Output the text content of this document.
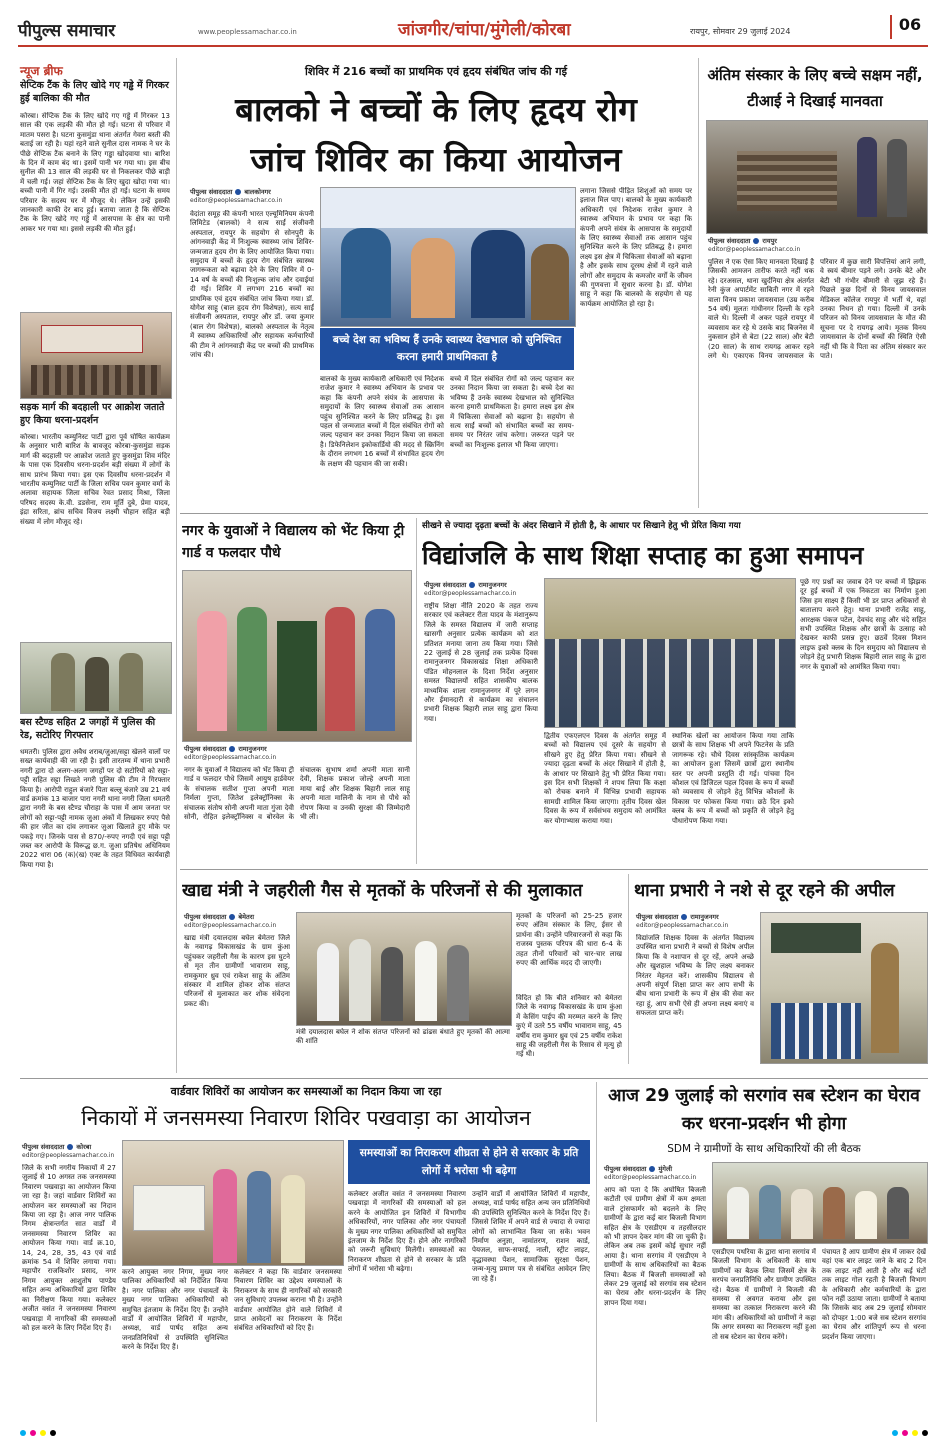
पीपुल्स समाचार	www.peoplessamachar.co.in	जांजगीर/चांपा/मुंगेली/कोरबा	रायपुर, सोमवार 29 जुलाई 2024	06
न्यूज ब्रीफ
सेप्टिक टैंक के लिए खोदे गए गड्ढे में गिरकर हुई बालिका की मौत
कोरबा। सेप्टिक टैंक के लिए खोदे गए गड्ढे में गिरकर 13 साल की एक लड़की की मौत हो गई। घटना से परिवार में मातम पसरा है। घटना कुसमुंडा थाना अंतर्गत गेवरा बस्ती की बताई जा रही है। यहां रहने वाले सुनील दास नामक ने घर के पीछे सेप्टिक टैंक बनाने के लिए गड्ढा खोदवाया था। बारिश के दिन में काम बंद था। इसमें पानी भर गया था। इस बीच सुनील की 13 साल की लड़की घर से निकलकर पीछे बाड़ी में चली गई। जहां सेप्टिक टैंक के लिए खुदा खोदा गया था। बच्ची पानी में गिर गई। उसकी मौत हो गई। घटना के समय परिवार के सदस्य घर में मौजूद थे। लेकिन उन्हें इसकी जानकारी काफी देर बाद हुई। बताया जाता है कि सेप्टिक टैंक के लिए खोदे गए गड्ढे में आसपास के क्षेत्र का पानी आकर भर गया था। इससे लड़की की मौत हुई।
सड़क मार्ग की बदहाली पर आक्रोश जताते हुए किया धरना-प्रदर्शन
कोरबा। भारतीय कम्युनिस्ट पार्टी द्वारा पूर्व घोषित कार्यक्रम के अनुसार भारी बारिश के बावजूद कोरबा-कुसमुंडा सड़क मार्ग की बदहाली पर आक्रोश जताते हुए कुसमुंडा शिव मंदिर के पास एक दिवसीय धरना-प्रदर्शन बड़ी संख्या में लोगों के साथ प्रारंभ किया गया। इस एक दिवसीय धरना-प्रदर्शन में भारतीय कम्युनिस्ट पार्टी के जिला सचिव पवन कुमार वर्मा के अलावा सहायक जिला सचिव रेवत प्रसाद मिश्रा, जिला परिषद सदस्य के.वी. डडसेना, राम मूर्ति दुबे, प्रेमा यादव, इंद्रा सरिता, ब्रांच सचिव विजय लक्ष्मी चौहान सहित बड़ी संख्या में लोग मौजूद रहे।
बस स्टैण्ड सहित 2 जगहों में पुलिस की रेड, सटोरिए गिरफ्तार
धमतरी। पुलिस द्वारा अवैध शराब/जुआ/सट्टा खेलने वालों पर सख्त कार्यवाही की जा रही है। इसी तारतम्य में थाना प्रभारी नगरी द्वारा दो अलग-अलग जगहों पर दो सटोरियों को सट्टा-पट्टी सहित सट्टा लिखते नगरी पुलिस की टीम ने गिरफ्तार किया है। आरोपी राहुल बंजारे पिता बल्लू बंजारे उम्र 21 वर्ष वार्ड क्रमांक 13 बाजार पारा नगरी थाना नगरी जिला धमतरी द्वारा नगरी के बस स्टैण्ड चौराहा के पास में आम जनता पर लोगों को सट्टा-पट्टी नामक जुआ अंकों में लिखकर रुपए पैसे की हार जीत का दांव लगाकर जुआ खिलाते हुए मौके पर पकड़े गए। जिनके पास से 870/-रुपए नगदी एवं सट्टा पट्टी जब्त कर आरोपी के विरूद्ध छ.ग. जुआ प्रतिषेध अधिनियम 2022 धारा 06 (क)(ख) एक्ट के तहत विधिवत कार्यवाही किया गया है।
शिविर में 216 बच्चों का प्राथमिक एवं हृदय संबंधित जांच की गई
बालको ने बच्चों के लिए हृदय रोग
जांच शिविर का किया आयोजन
पीपुल्स संवाददाता बालकोनगर
editor@peoplessamachar.co.in
वेदांता समूह की कंपनी भारत एल्यूमिनियम कंपनी लिमिटेड (बालको) ने सत्य साईं संजीवनी अस्पताल, रायपुर के सहयोग से सोनपुरी के आंगनवाड़ी केंद्र में निःशुल्क स्वास्थ्य जांच शिविर-जन्मजात हृदय रोग के लिए आयोजित किया गया। समुदाय में बच्चों के हृदय रोग संबंधित स्वास्थ्य जागरूकता को बढ़ावा देने के लिए शिविर में 0-14 वर्ष के बच्चों की निःशुल्क जांच और दवाईयां दी गई। शिविर में लगभग 216 बच्चों का प्राथमिक एवं हृदय संबंधित जांच किया गया। डॉ. योगेश साहू (बाल हृदय रोग विशेषज्ञ), सत्य साईं संजीवनी अस्पताल, रायपुर और डॉ. जया कुमार (बाल रोग विशेषज्ञ), बालको अस्पताल के नेतृत्व में स्वास्थ्य अधिकारियों और सहायक कर्मचारियों की टीम ने आंगनवाड़ी केंद्र पर बच्चों की प्राथमिक जांच की।
बच्चे देश का भविष्य हैं उनके स्वास्थ्य देखभाल को सुनिश्चित करना हमारी प्राथमिकता है
बालको के मुख्य कार्यकारी अधिकारी एवं निदेशक राजेश कुमार ने स्वास्थ्य अभियान के प्रभाव पर कहा कि कंपनी अपने संयंत्र के आसपास के समुदायों के लिए स्वास्थ्य सेवाओं तक आसान पहुंच सुनिश्चित करने के लिए प्रतिबद्ध है। इस पहल से जन्मजात बच्चों में दिल संबंधित रोगों को जल्द पहचान कर उनका निदान किया जा सकता है। डिफेनिलेशन इकोकार्डियो की मदद से स्क्रिनिंग के दौरान लगभग 16 बच्चों में संभावित हृदय रोग के लक्षण की पहचान की जा सकी।
बच्चे में दिल संबंधित रोगों को जल्द पहचान कर उनका निदान किया जा सकता है। बच्चे देश का भविष्य हैं उनके स्वास्थ्य देखभाल को सुनिश्चित करना हमारी प्राथमिकता है। हमारा लक्ष्य इस क्षेत्र में चिकित्सा सेवाओं को बढ़ाना है। सहयोग से सत्य साईं बच्चों को संभावित बच्चों का समय-समय पर निरंतर जांच करेगा। जरूरत पड़ने पर बच्चों का निःशुल्क इलाज भी किया जाएगा।
लगाना जिससे पीड़ित शिशुओं को समय पर इलाज मिल पाए। बालको के मुख्य कार्यकारी अधिकारी एवं निदेशक राजेश कुमार ने स्वास्थ्य अभियान के प्रभाव पर कहा कि कंपनी अपने संयंत्र के आसपास के समुदायों के लिए स्वास्थ्य सेवाओं तक आसान पहुंच सुनिश्चित करने के लिए प्रतिबद्ध है। हमारा लक्ष्य इस क्षेत्र में चिकित्सा सेवाओं को बढ़ाना है और इसके साथ दूरस्थ क्षेत्रों में रहने वाले लोगों और समुदाय के कमजोर वर्गों के जीवन की गुणवत्ता में सुधार करना है। डॉ. योगेश साहू ने कहा कि बालको के सहयोग से यह कार्यक्रम आयोजित हो रहा है।
अंतिम संस्कार के लिए बच्चे सक्षम नहीं, टीआई ने दिखाई मानवता
पीपुल्स संवाददाता रायपुर
editor@peoplessamachar.co.in
पुलिस ने एक ऐसा किए मानवता दिखाई है जिसकी आमजन तारीफ करते नहीं थक रहे। दरअसल, थाना खुर्दनिया क्षेत्र अंतर्गत रेनी कुंज अपार्टमेंट साबिती नगर में रहने वाला विनय प्रकाश जायसवाल (उम्र करीब 54 वर्ष) मूलतः गांधीनगर दिल्ली के रहने वाले थे। दिल्ली में अकर पहले रायपुर में व्यवसाय कर रहे थे उसके बाद बिजनेस में नुकसान होने से बेटा (22 साल) और बेटी (20 साल) के साथ रायगढ़ आकर रहने लगे थे। एकाएक विनय जायसवाल के परिवार में कुछ सारी विपत्तियां आने लगी, वे स्वयं बीमार पड़ने लगे। उनके बेटे और बेटी भी गंभीर बीमारी से जूझ रहे हैं। पिछले कुछ दिनों से विनय जायसवाल मेडिकल कॉलेज रायपुर में भर्ती थे, वहां उनका निधन हो गया। दिल्ली में उनके परिजन को विनय जायसवाल के मौत की सूचना पर दे रायगढ़ आये। मृतक विनय जायसवाल के दोनों बच्चों की स्थिति ऐसी नहीं थी कि वे पिता का अंतिम संस्कार कर पाते।
नगर के युवाओं ने विद्यालय को भेंट किया ट्री गार्ड व फलदार पौधे
पीपुल्स संवाददाता रामानुजनगर
editor@peoplessamachar.co.in
नगर के युवाओं ने विद्यालय को भेंट किया ट्री गार्ड व फलदार पौधे जिसमें आयुष हार्डवेयर के संचालक सतीश गुप्ता अपनी माता निर्मला गुप्ता, जितेश इलेक्ट्रॉनिक्स के संचालक संतोष सोनी अपनी माता गुंजा देवी सोनी, रोहित इलेक्ट्रॉनिक्स व बोरवेल के संचालक सुभाष शर्मा अपनी माता सानी देवी, शिक्षक प्रकाश जोल्हे अपनी माता माया बाई और शिक्षक बिहारी लाल साहू अपनी माता मालिनी के नाम से पौधे को रोपण किया व उनकी सुरक्षा की जिम्मेदारी भी ली।
सीखने से ज्यादा दृढ़ता बच्चों के अंदर सिखाने में होती है, के आधार पर सिखाने हेतु भी प्रेरित किया गया
विद्यांजलि के साथ शिक्षा सप्ताह का हुआ समापन
पीपुल्स संवाददाता रामानुजनगर
editor@peoplessamachar.co.in
राष्ट्रीय शिक्षा नीति 2020 के तहत राज्य सरकार एवं कलेक्टर रीता यादव के मंशानुरूप जिले के समस्त विद्यालय में जारी सप्ताह खासगी अनुसार प्रत्येक कार्यक्रम को शत प्रतिशत मनाया जाना तय किया गया। जिसे 22 जुलाई से 28 जुलाई तक प्रत्येक दिवस रामानुजनगर विकासखंड शिक्षा अधिकारी पंडित मोहनलाल के दिशा निर्देश अनुसार समस्त विद्यालयों सहित शासकीय बालक माध्यमिक शाला रामानुजनगर में पूरे लगन और ईमानदारी से कार्यक्रम का संचालन प्रभारी शिक्षक बिहारी लाल साहू द्वारा किया गया।
द्वितीय एफएलएन दिवस के अंतर्गत समूह में बच्चों को विद्यालय एवं दूसरे के सहयोग से सीखने हुए हेतु प्रेरित किया गया। सीखने से ज्यादा दृढ़ता बच्चों के अंदर सिखाने में होती है, के आधार पर सिखाने हेतु भी प्रेरित किया गया। इस दिन सभी शिक्षकों ने शपथ लिया कि कक्षा को रोचक बनाने में विभिन्न प्रभावी सहायक सामग्री शामिल किया जाएगा। तृतीय दिवस खेल दिवस के रूप में सर्वसंभव समुदाय को आमंत्रित कर योगाभ्यास कराया गया।
स्थानिक खेलों का आयोजन किया गया ताकि छात्रों के साथ शिक्षक भी अपने फिटनेस के प्रति जागरूक रहे। चौथे दिवस सांस्कृतिक कार्यक्रम का आयोजन हुआ जिसमें छात्रों द्वारा स्थानीय स्तर पर अपनी प्रस्तुति दी गई। पांचवा दिन कौशल एवं डिजिटल पहल दिवस के रूप में बच्चों को व्यवसाय से जोड़ने हेतु विभिन्न कौशलों के विकास पर फोकस किया गया। छठे दिन इको क्लब के रूप में बच्चों को प्रकृति से जोड़ने हेतु पौधारोपण किया गया।
पूछे गए प्रश्नों का जवाब देने पर बच्चों में झिझक दूर हुई बच्चों में एक निकटता का निर्माण हुआ जिस हम साक्ष्य हैं किसी भी डर प्राप्त अधिकारों से बातालाप करने हेतु। थाना प्रभारी राजेंद्र साहू, आरक्षक पंकज पटेल, देवचंद साहू और चंदे सहित सभी उपस्थित शिक्षक और छात्रों के उत्साह को देखकर काफी प्रसन्न हुए। छठवें दिवस मिशन लाइफ इको क्लब के दिन समुदाय को विद्यालय से जोड़ने हेतु प्रभारी शिक्षक बिहारी लाल साहू के द्वारा नगर के युवाओं को आमंत्रित किया गया।
खाद्य मंत्री ने जहरीली गैस से मृतकों के परिजनों से की मुलाकात
पीपुल्स संवाददाता बेमेतरा
editor@peoplessamachar.co.in
खाद्य मंत्री दयालदास बघेल बेमेतरा जिले के नवागढ़ विकासखंड के ग्राम कुंआ पहुंचकर जहरीली गैस के कारण इस घुटने से मृत तीन ग्रामीणों भावाराम साहू, रामकुमार ध्रुव एवं राकेश साहू के अंतिम संस्कार में शामिल होकर शोक संतप्त परिजनों से मुलाकात कर शोक संवेदना प्रकट की।
मंत्री दयालदास बघेल ने शोक संतप्त परिजनों को ढांढस बंधाते हुए मृतकों की आत्मा की शांति
मृतकों के परिजनों को 25-25 हजार रुपए अंतिम संस्कार के लिए, ईसर से प्रार्थना की। उन्होंने परिवारजनों से कहा कि राजस्व पुस्तक परिपत्र की धारा 6-4 के तहत तीनों परिवारों को चार-चार लाख रुपए की आर्थिक मदद दी जाएगी।
विदित हो कि बीते शनिवार को बेमेतरा जिले के नवागढ़ विकासखंड के ग्राम कुंआ में केसिंग पाईप की मरम्मत करने के लिए कुएं में उतरे 55 वर्षीय भावाराम साहू, 45 वर्षीय राम कुमार ध्रुव एवं 25 वर्षीय राकेश साहू की जहरीली गैस के रिसाव से मृत्यु हो गई थी।
थाना प्रभारी ने नशे से दूर रहने की अपील
पीपुल्स संवाददाता रामानुजनगर
editor@peoplessamachar.co.in
विद्यांजलि शिक्षक दिवस के अंतर्गत विद्यालय उपस्थित थाना प्रभारी ने बच्चों से विशेष अपील किया कि वे नशापान से दूर रहें, अपने अच्छे और खुशहाल भविष्य के लिए लक्ष्य बनाकर निरंतर मेहनत करें। शासकीय विद्यालय से अपनी संपूर्ण शिक्षा प्राप्त कर आप सभी के बीच थाना प्रभारी के रूप में क्षेत्र की सेवा कर रहा हूं, आप सभी ऐसे ही अपना लक्ष्य बनाएं व सफलता प्राप्त करें।
वार्डवार शिविरों का आयोजन कर समस्याओं का निदान किया जा रहा
निकायों में जनसमस्या निवारण शिविर पखवाड़ा का आयोजन
पीपुल्स संवाददाता कोरबा
editor@peoplessamachar.co.in
जिले के सभी नगरीय निकायों में 27 जुलाई से 10 अगस्त तक जनसमस्या निवारण पखवाड़ा का आयोजन किया जा रहा है। जहां वार्डवार शिविरों का आयोजन कर समस्याओं का निदान किया जा रहा है। आज नगर पालिक निगम क्षेत्रान्तर्गत सात वार्डों में जनसमस्या निवारण शिविर का आयोजन किया गया। वार्ड क्र.10, 14, 24, 28, 35, 43 एवं वार्ड क्रमांक 54 में शिविर लगाया गया। महापौर राजकिशोर प्रसाद, नगर निगम आयुक्त आशुतोष पाण्डेय सहित अन्य अधिकारियों द्वारा शिविर का निरीक्षण किया गया। कलेक्टर अजीत वसंत ने जनसमस्या निवारण पखवाड़ा में नागरिकों की समस्याओं को हल करने के लिए निर्देश दिए हैं।
करने आयुक्त नगर निगम, मुख्य नगर पालिका अधिकारियों को निर्देशित किया है। नगर पालिका और नगर पंचायतों के मुख्य नगर पालिका अधिकारियों को समुचित इंतजाम के निर्देश दिए हैं। उन्होंने वार्डों में आयोजित शिविरों में महापौर, अध्यक्ष, वार्ड पार्षद सहित अन्य जनप्रतिनिधियों से उपस्थिति सुनिश्चित करने के निर्देश दिए हैं।
कलेक्टर ने कहा कि वार्डवार जनसमस्या निवारण शिविर का उद्देश्य समस्याओं के निराकरण के साथ ही नागरिकों को सरकारी जन सुविधाएं उपलब्ध कराना भी है। उन्होंने वार्डवार आयोजित होने वाले शिविरों में प्राप्त आवेदनों का निराकरण के निर्देश संबंधित अधिकारियों को दिए हैं।
समस्याओं का निराकरण शीघ्रता से होने से सरकार के प्रति लोगों में भरोसा भी बढ़ेगा
कलेक्टर अजीत वसंत ने जनसमस्या निवारण पखवाड़ा में नागरिकों की समस्याओं को हल करने के आयोजित इन शिविरों में विभागीय अधिकारियों, नगर पालिका और नगर पंचायतों के मुख्य नगर पालिका अधिकारियों को समुचित इंतजाम के निर्देश दिए हैं। होने और नागरिकों को जरूरी सुविधाएं मिलेंगी। समस्याओं का निराकरण शीघ्रता से होने से सरकार के प्रति लोगों में भरोसा भी बढ़ेगा।
उन्होंने वार्डों में आयोजित शिविरों में महापौर, अध्यक्ष, वार्ड पार्षद सहित अन्य जन प्रतिनिधियों की उपस्थिति सुनिश्चित करने के निर्देश दिए हैं। जिससे शिविर में अपने वार्ड से ज्यादा से ज्यादा लोगों को लाभान्वित किया जा सके। भवन निर्माण अनुज्ञा, नामांतरण, राशन कार्ड, पेयजल, साफ-सफाई, नाली, स्ट्रीट लाइट, वृद्धावस्था पेंशन, सामाजिक सुरक्षा पेंशन, जन्म-मृत्यु प्रमाण पत्र से संबंधित आवेदन लिए जा रहे हैं।
आज 29 जुलाई को सरगांव सब स्टेशन का घेराव कर धरना-प्रदर्शन भी होगा
SDM ने ग्रामीणों के साथ अधिकारियों की ली बैठक
पीपुल्स संवाददाता मुंगेली
editor@peoplessamachar.co.in
आप को पता दे कि अघोषित बिजली कटौती एवं ग्रामीण क्षेत्रों में कम क्षमता वाले ट्रांसफार्मर को बदलने के लिए ग्रामीणों के द्वारा कई बार बिजली विभाग सहित क्षेत्र के एसडीएम व तहसीलदार को भी ज्ञापन देकर मांग की जा चुकी है। लेकिन अब तक इसमें कोई सुधार नहीं आया है। थाना सरगांव में एसडीएम ने ग्रामीणों के साथ अधिकारियों का बैठक लिया। बैठक में बिजली समस्याओं को लेकर 29 जुलाई को सरगांव सब स्टेशन का घेराव और धरना-प्रदर्शन के लिए ज्ञापन दिया गया।
एसडीएम पथरिया के द्वारा थाना सरगांव में बिजली विभाग के अधिकारी के साथ ग्रामीणों का बैठक लिया जिसमें क्षेत्र के सरपंच जनप्रतिनिधि और ग्रामीण उपस्थित रहे। बैठक में ग्रामीणों ने बिजली की समस्या से अवगत कराया और इस समस्या का तत्काल निराकरण करने की मांग की। अधिकारियों को ग्रामीणों ने कहा कि अगर समस्या का निराकरण नहीं हुआ तो सब स्टेशन का घेराव करेंगे।
पंचायत है आप ग्रामीण क्षेत्र में जाकर देखें वहां एक बार लाइट जाने के बाद 2 दिन तक लाइट नहीं आती है और कई घंटों तक लाइट गोल रहती है बिजली विभाग के अधिकारी और कर्मचारियों के द्वारा फोन नहीं उठाया जाता। ग्रामीणों ने बताया कि जिसके बाद अब 29 जुलाई सोमवार को दोपहर 1:00 बजे सब स्टेशन सरगांव का घेराव और शांतिपूर्ण रूप से धरना प्रदर्शन किया जाएगा।
